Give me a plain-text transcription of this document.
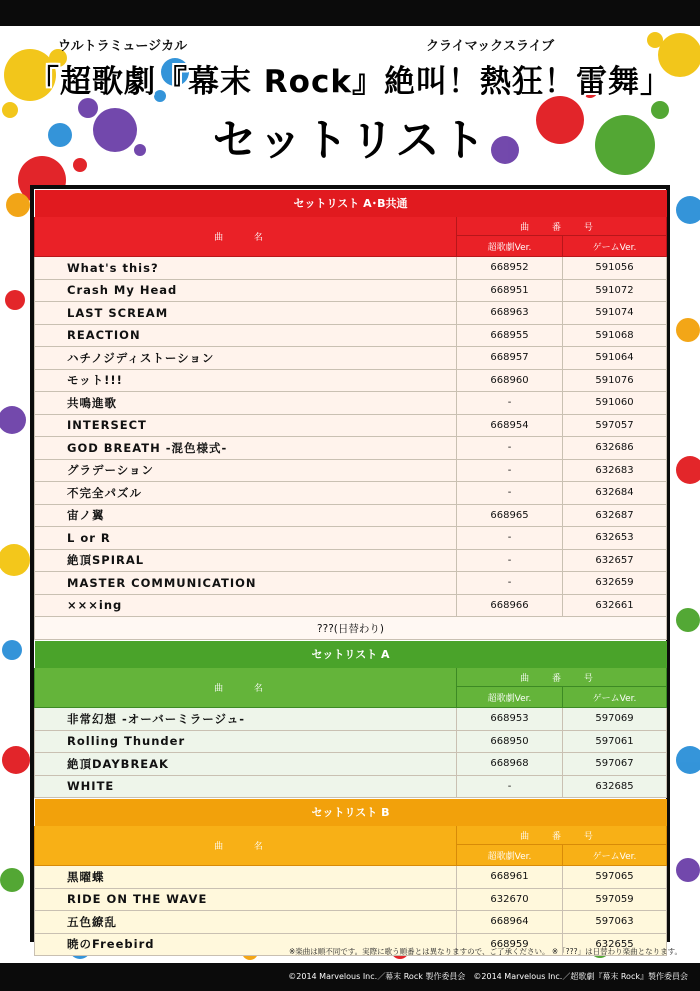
ウルトラミュージカル	クライマックスライブ
「超歌劇『幕末 Rock』絶叫！熱狂！雷舞」
セットリスト
セットリスト A･B共通		
曲 名	曲 番 号	
	超歌劇Ver.	ゲームVer.
What's this?	668952	591056
Crash My Head	668951	591072
LAST SCREAM	668963	591074
REACTION	668955	591068
ハチノジディストーション	668957	591064
モット!!!	668960	591076
共鳴進歌	-	591060
INTERSECT	668954	597057
GOD BREATH -混色様式-	-	632686
グラデーション	-	632683
不完全パズル	-	632684
宙ノ翼	668965	632687
L or R	-	632653
絶頂SPIRAL	-	632657
MASTER COMMUNICATION	-	632659
×××ing	668966	632661
???(日替わり)		
セットリスト A		
曲 名	曲 番 号	
	超歌劇Ver.	ゲームVer.
非常幻想 -オーバーミラージュ-	668953	597069
Rolling Thunder	668950	597061
絶頂DAYBREAK	668968	597067
WHITE	-	632685
セットリスト B		
曲 名	曲 番 号	
	超歌劇Ver.	ゲームVer.
黒曜蝶	668961	597065
RIDE ON THE WAVE	632670	597059
五色繚乱	668964	597063
暁のFreebird	668959	632655
※楽曲は順不同です。実際に歌う順番とは異なりますので、ご了承ください。 ※「???」は日替わり楽曲となります。
©2014 Marvelous Inc.／幕末 Rock 製作委員会　©2014 Marvelous Inc.／超歌劇『幕末 Rock』製作委員会
